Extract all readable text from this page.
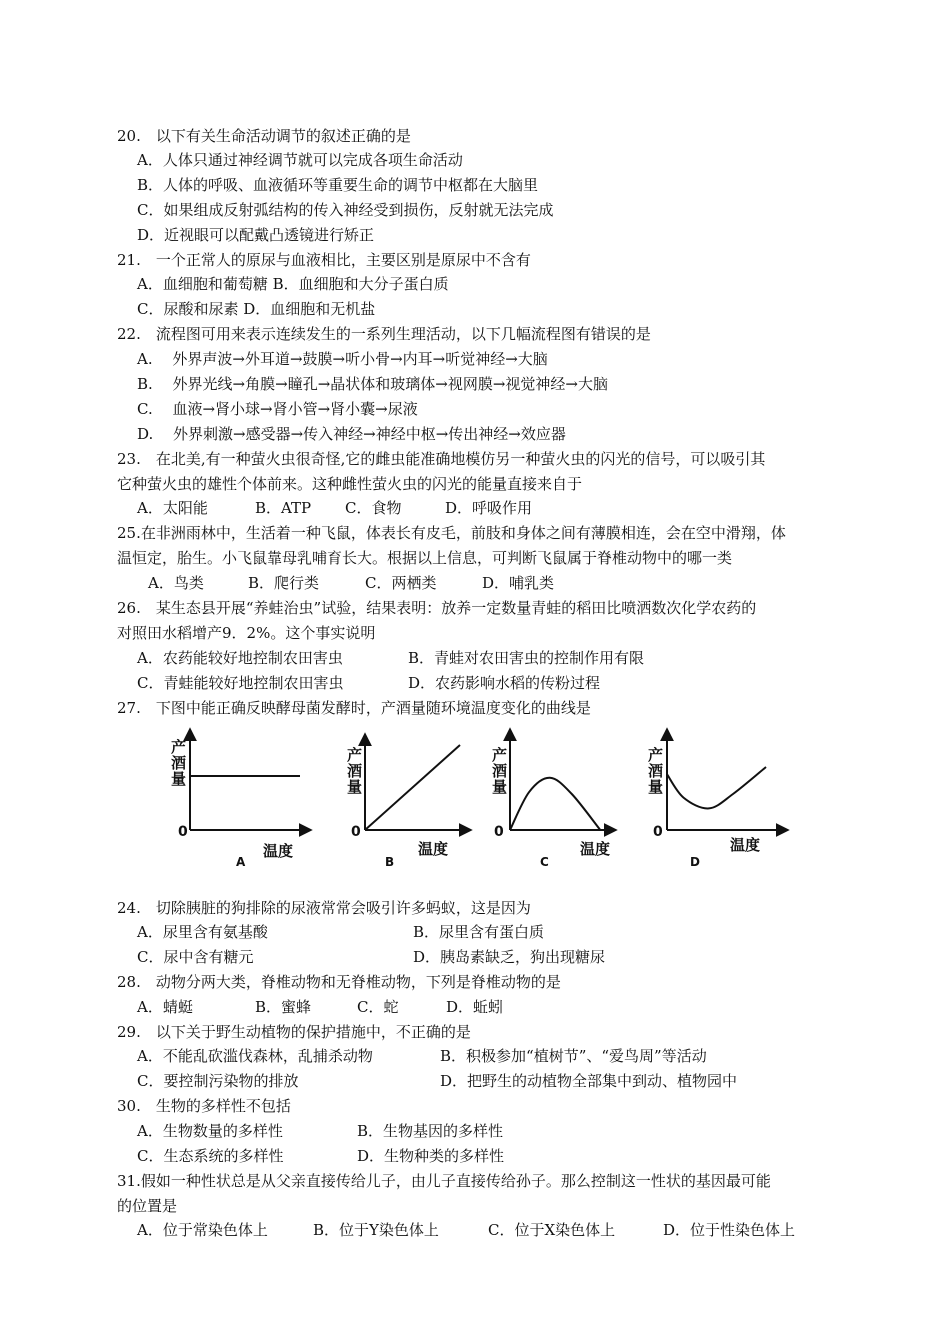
20.　以下有关生命活动调节的叙述正确的是
A．人体只通过神经调节就可以完成各项生命活动
B．人体的呼吸、血液循环等重要生命的调节中枢都在大脑里
C．如果组成反射弧结构的传入神经受到损伤，反射就无法完成
D．近视眼可以配戴凸透镜进行矫正
21.　一个正常人的原尿与血液相比，主要区别是原尿中不含有
A．血细胞和葡萄糖 B．血细胞和大分子蛋白质
C．尿酸和尿素 D．血细胞和无机盐
22.　流程图可用来表示连续发生的一系列生理活动，以下几幅流程图有错误的是
A.　 外界声波→外耳道→鼓膜→听小骨→内耳→听觉神经→大脑
B.　 外界光线→角膜→瞳孔→晶状体和玻璃体→视网膜→视觉神经→大脑
C.　 血液→肾小球→肾小管→肾小囊→尿液
D.　 外界刺激→感受器→传入神经→神经中枢→传出神经→效应器
23.　在北美,有一种萤火虫很奇怪,它的雌虫能准确地模仿另一种萤火虫的闪光的信号，可以吸引其
它种萤火虫的雄性个体前来。这种雌性萤火虫的闪光的能量直接来自于
A．太阳能	B．ATP C．食物	D．呼吸作用
25.在非洲雨林中，生活着一种飞鼠，体表长有皮毛，前肢和身体之间有薄膜相连，会在空中滑翔，体
温恒定，胎生。小飞鼠靠母乳哺育长大。根据以上信息，可判断飞鼠属于脊椎动物中的哪一类
A．鸟类	B．爬行类	C．两栖类	D．哺乳类
26.　某生态县开展“养蛙治虫”试验，结果表明：放养一定数量青蛙的稻田比喷洒数次化学农药的
对照田水稻增产9．2%。这个事实说明
A．农药能较好地控制农田害虫	B．青蛙对农田害虫的控制作用有限
C．青蛙能较好地控制农田害虫	D．农药影响水稻的传粉过程
27.　下图中能正确反映酵母菌发酵时，产酒量随环境温度变化的曲线是
产酒量
0
温度
A
产酒量
0
温度
B
产酒量
0
温度
C
产酒量
0
温度
D
24.　切除胰脏的狗排除的尿液常常会吸引许多蚂蚁，这是因为
A．尿里含有氨基酸	B．尿里含有蛋白质
C．尿中含有糖元	D．胰岛素缺乏，狗出现糖尿
28.　动物分两大类，脊椎动物和无脊椎动物，下列是脊椎动物的是
A．蜻蜓	B．蜜蜂	C．蛇	D．蚯蚓
29.　以下关于野生动植物的保护措施中，不正确的是
A．不能乱砍滥伐森林，乱捕杀动物	B．积极参加“植树节”、“爱鸟周”等活动
C．要控制污染物的排放	D．把野生的动植物全部集中到动、植物园中
30.　生物的多样性不包括
A．生物数量的多样性	B．生物基因的多样性
C．生态系统的多样性	D．生物种类的多样性
31.假如一种性状总是从父亲直接传给儿子，由儿子直接传给孙子。那么控制这一性状的基因最可能
的位置是
A．位于常染色体上	B．位于Y染色体上	C．位于X染色体上	D．位于性染色体上
